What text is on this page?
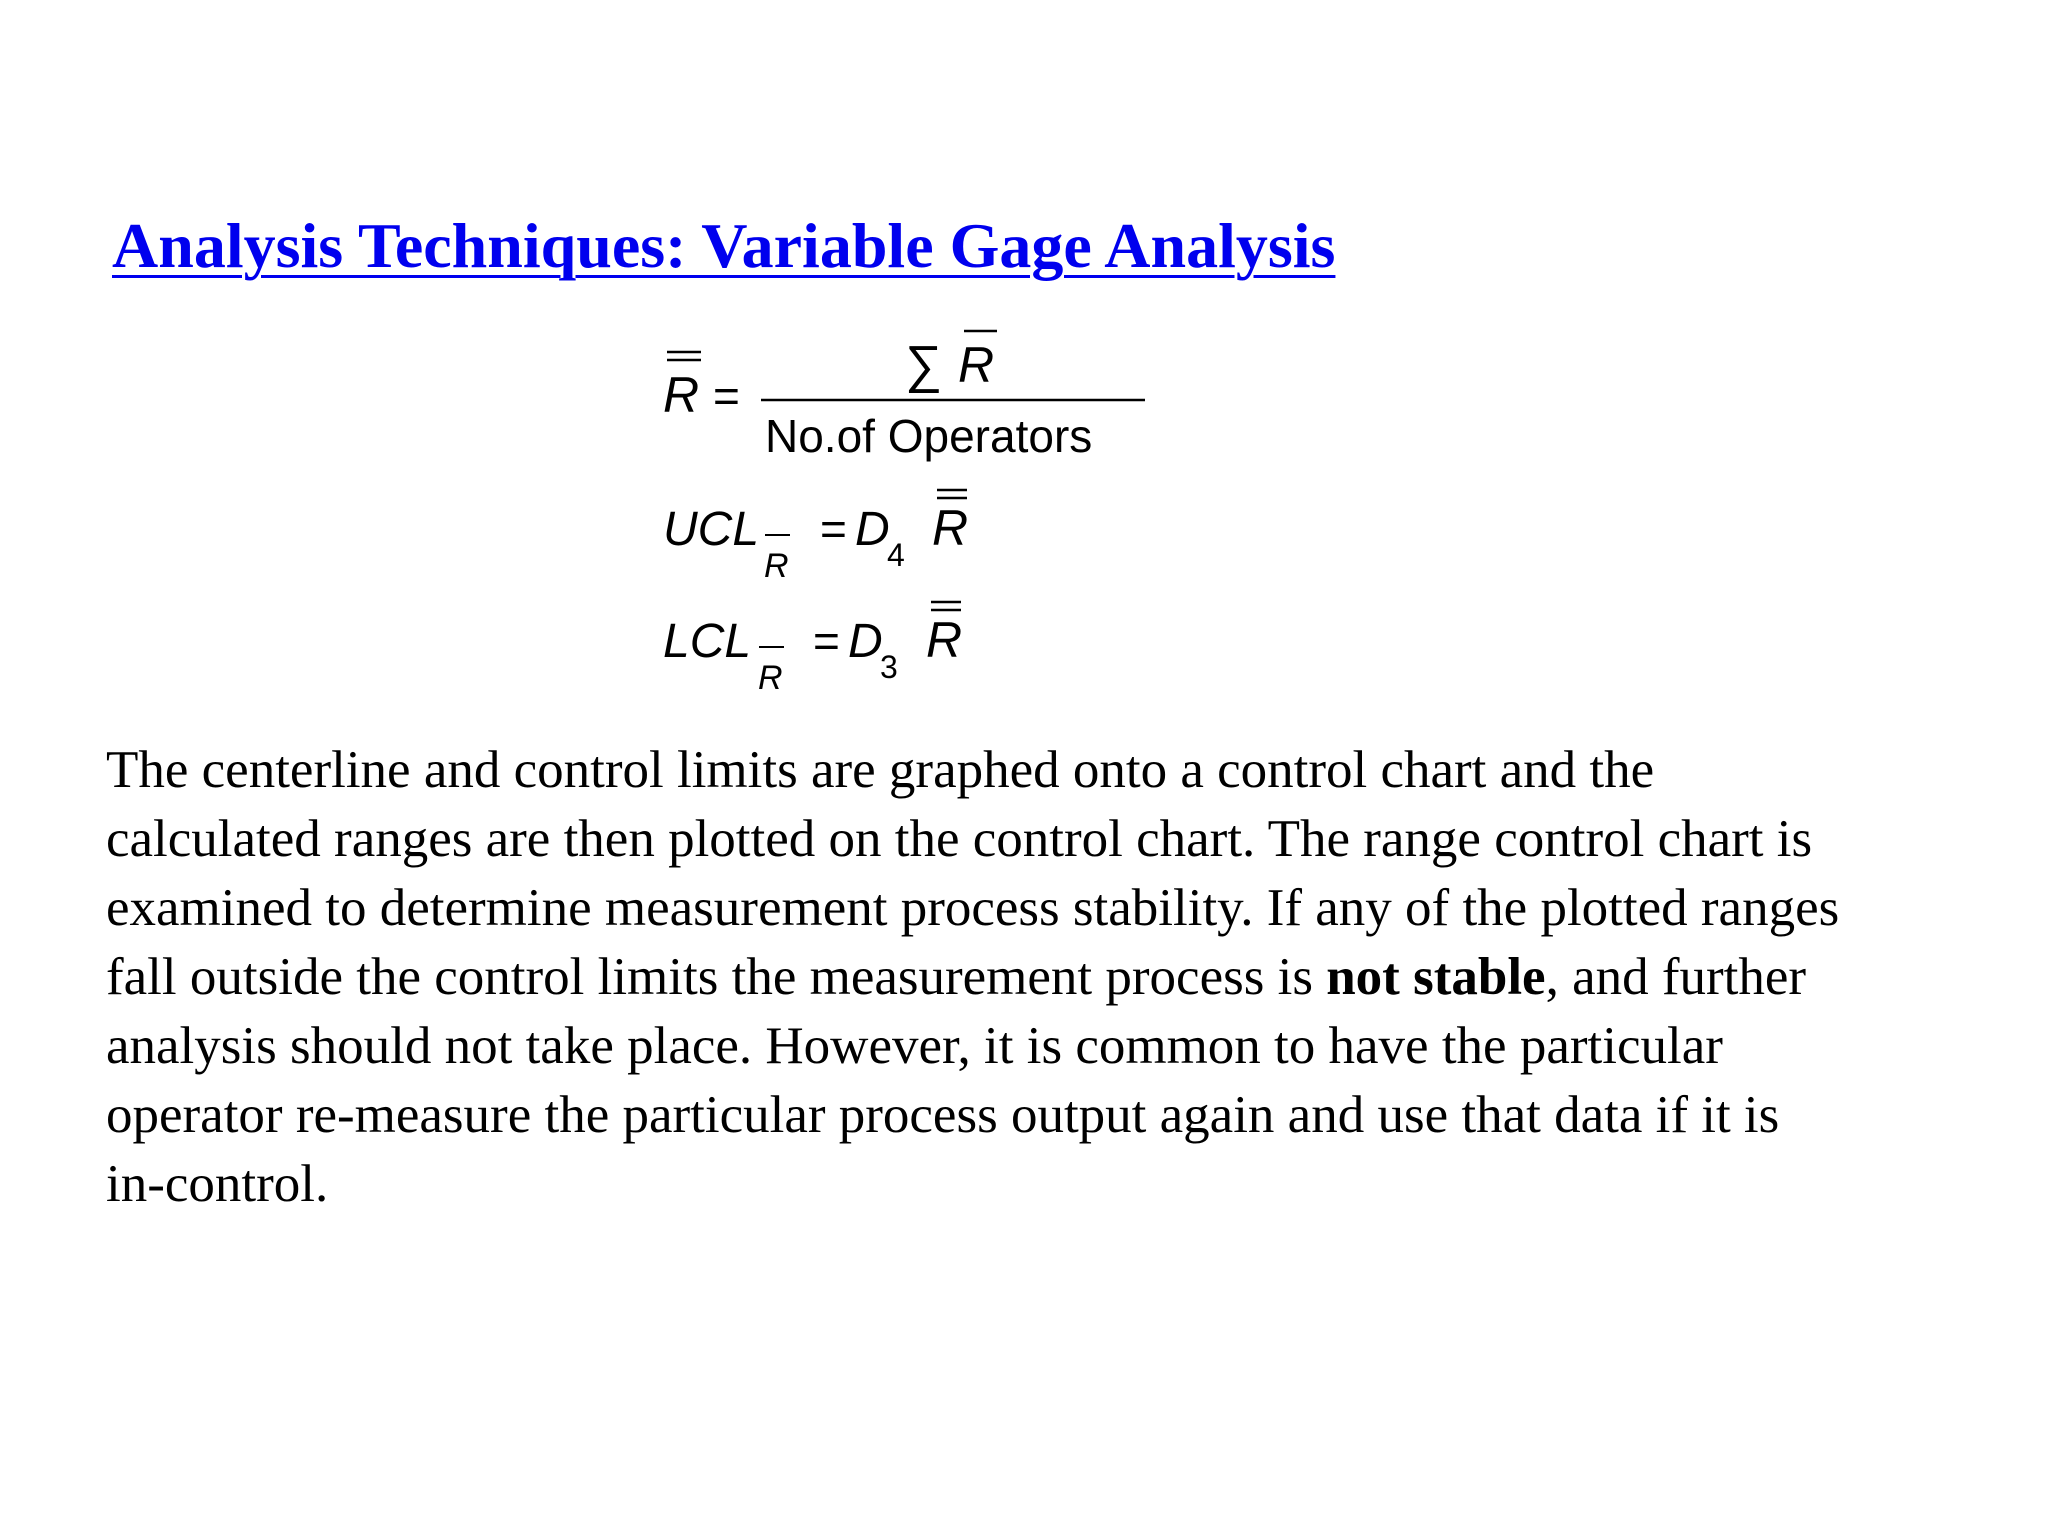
Analysis Techniques: Variable Gage Analysis
R =
∑ R
No.of Operators
UCL
R
= D
4 R
LCL
R
= D
3 R

The centerline and control limits are graphed onto a control chart and the
calculated ranges are then plotted on the control chart. The range control chart is
examined to determine measurement process stability. If any of the plotted ranges
fall outside the control limits the measurement process is not stable, and further
analysis should not take place. However, it is common to have the particular
operator re-measure the particular process output again and use that data if it is
in-control.
